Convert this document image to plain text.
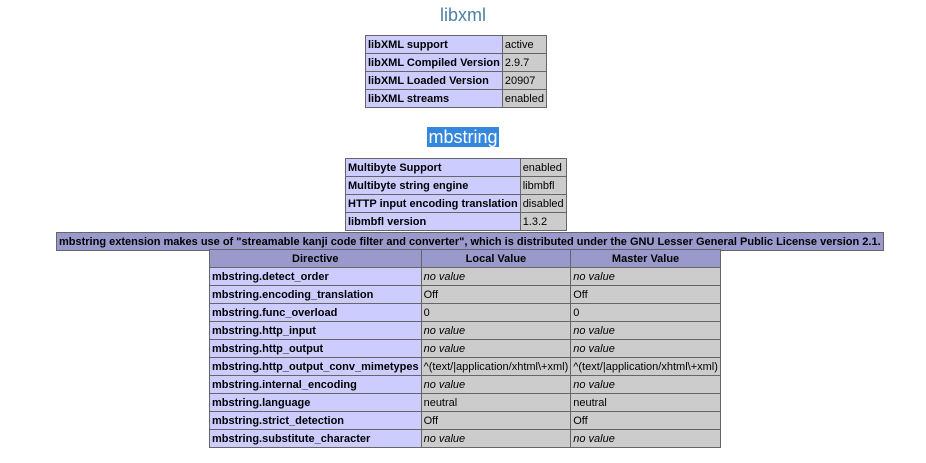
libxml
libXML support	active
libXML Compiled Version	2.9.7
libXML Loaded Version	20907
libXML streams	enabled
mbstring
Multibyte Support	enabled
Multibyte string engine	libmbfl
HTTP input encoding translation	disabled
libmbfl version	1.3.2
mbstring extension makes use of "streamable kanji code filter and converter", which is distributed under the GNU Lesser General Public License version 2.1.
Directive	Local Value	Master Value
mbstring.detect_order	no value	no value
mbstring.encoding_translation	Off	Off
mbstring.func_overload	0	0
mbstring.http_input	no value	no value
mbstring.http_output	no value	no value
mbstring.http_output_conv_mimetypes	^(text/|application/xhtml\+xml)	^(text/|application/xhtml\+xml)
mbstring.internal_encoding	no value	no value
mbstring.language	neutral	neutral
mbstring.strict_detection	Off	Off
mbstring.substitute_character	no value	no value
